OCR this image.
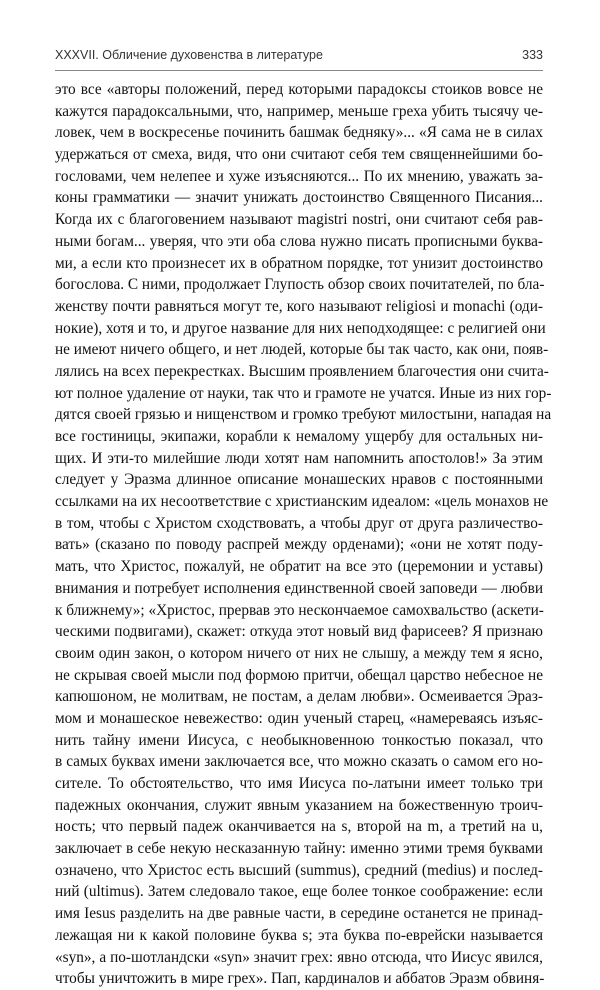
XXXVII. Обличение духовенства в литературе	333
это все «авторы положений, перед которыми парадоксы стоиков вовсе не
кажутся парадоксальными, что, например, меньше греха убить тысячу че-
ловек, чем в воскресенье починить башмак бедняку»... «Я сама не в силах
удержаться от смеха, видя, что они считают себя тем священнейшими бо-
гословами, чем нелепее и хуже изъясняются... По их мнению, уважать за-
коны грамматики — значит унижать достоинство Священного Писания...
Когда их с благоговением называют magistri nostri, они считают себя рав-
ными богам... уверяя, что эти оба слова нужно писать прописными буква-
ми, а если кто произнесет их в обратном порядке, тот унизит достоинство
богослова. С ними, продолжает Глупость обзор своих почитателей, по бла-
женству почти равняться могут те, кого называют religiosi и monachi (оди-
нокие), хотя и то, и другое название для них неподходящее: с религией они
не имеют ничего общего, и нет людей, которые бы так часто, как они, появ-
лялись на всех перекрестках. Высшим проявлением благочестия они счита-
ют полное удаление от науки, так что и грамоте не учатся. Иные из них гор-
дятся своей грязью и нищенством и громко требуют милостыни, нападая на
все гостиницы, экипажи, корабли к немалому ущербу для остальных ни-
щих. И эти-то милейшие люди хотят нам напомнить апостолов!» За этим
следует у Эразма длинное описание монашеских нравов с постоянными
ссылками на их несоответствие с христианским идеалом: «цель монахов не
в том, чтобы с Христом сходствовать, а чтобы друг от друга различество-
вать» (сказано по поводу распрей между орденами); «они не хотят поду-
мать, что Христос, пожалуй, не обратит на все это (церемонии и уставы)
внимания и потребует исполнения единственной своей заповеди — любви
к ближнему»; «Христос, прервав это нескончаемое самохвальство (аскети-
ческими подвигами), скажет: откуда этот новый вид фарисеев? Я признаю
своим один закон, о котором ничего от них не слышу, а между тем я ясно,
не скрывая своей мысли под формою притчи, обещал царство небесное не
капюшоном, не молитвам, не постам, а делам любви». Осмеивается Эраз-
мом и монашеское невежество: один ученый старец, «намереваясь изъяс-
нить тайну имени Иисуса, с необыкновенною тонкостью показал, что
в самых буквах имени заключается все, что можно сказать о самом его но-
сителе. То обстоятельство, что имя Иисуса по-латыни имеет только три
падежных окончания, служит явным указанием на божественную троич-
ность; что первый падеж оканчивается на s, второй на m, а третий на u,
заключает в себе некую несказанную тайну: именно этими тремя буквами
означено, что Христос есть высший (summus), средний (medius) и послед-
ний (ultimus). Затем следовало такое, еще более тонкое соображение: если
имя Iesus разделить на две равные части, в середине останется не принад-
лежащая ни к какой половине буква s; эта буква по-еврейски называется
«syn», а по-шотландски «syn» значит грех: явно отсюда, что Иисус явился,
чтобы уничтожить в мире грех». Пап, кардиналов и аббатов Эразм обвиня-
